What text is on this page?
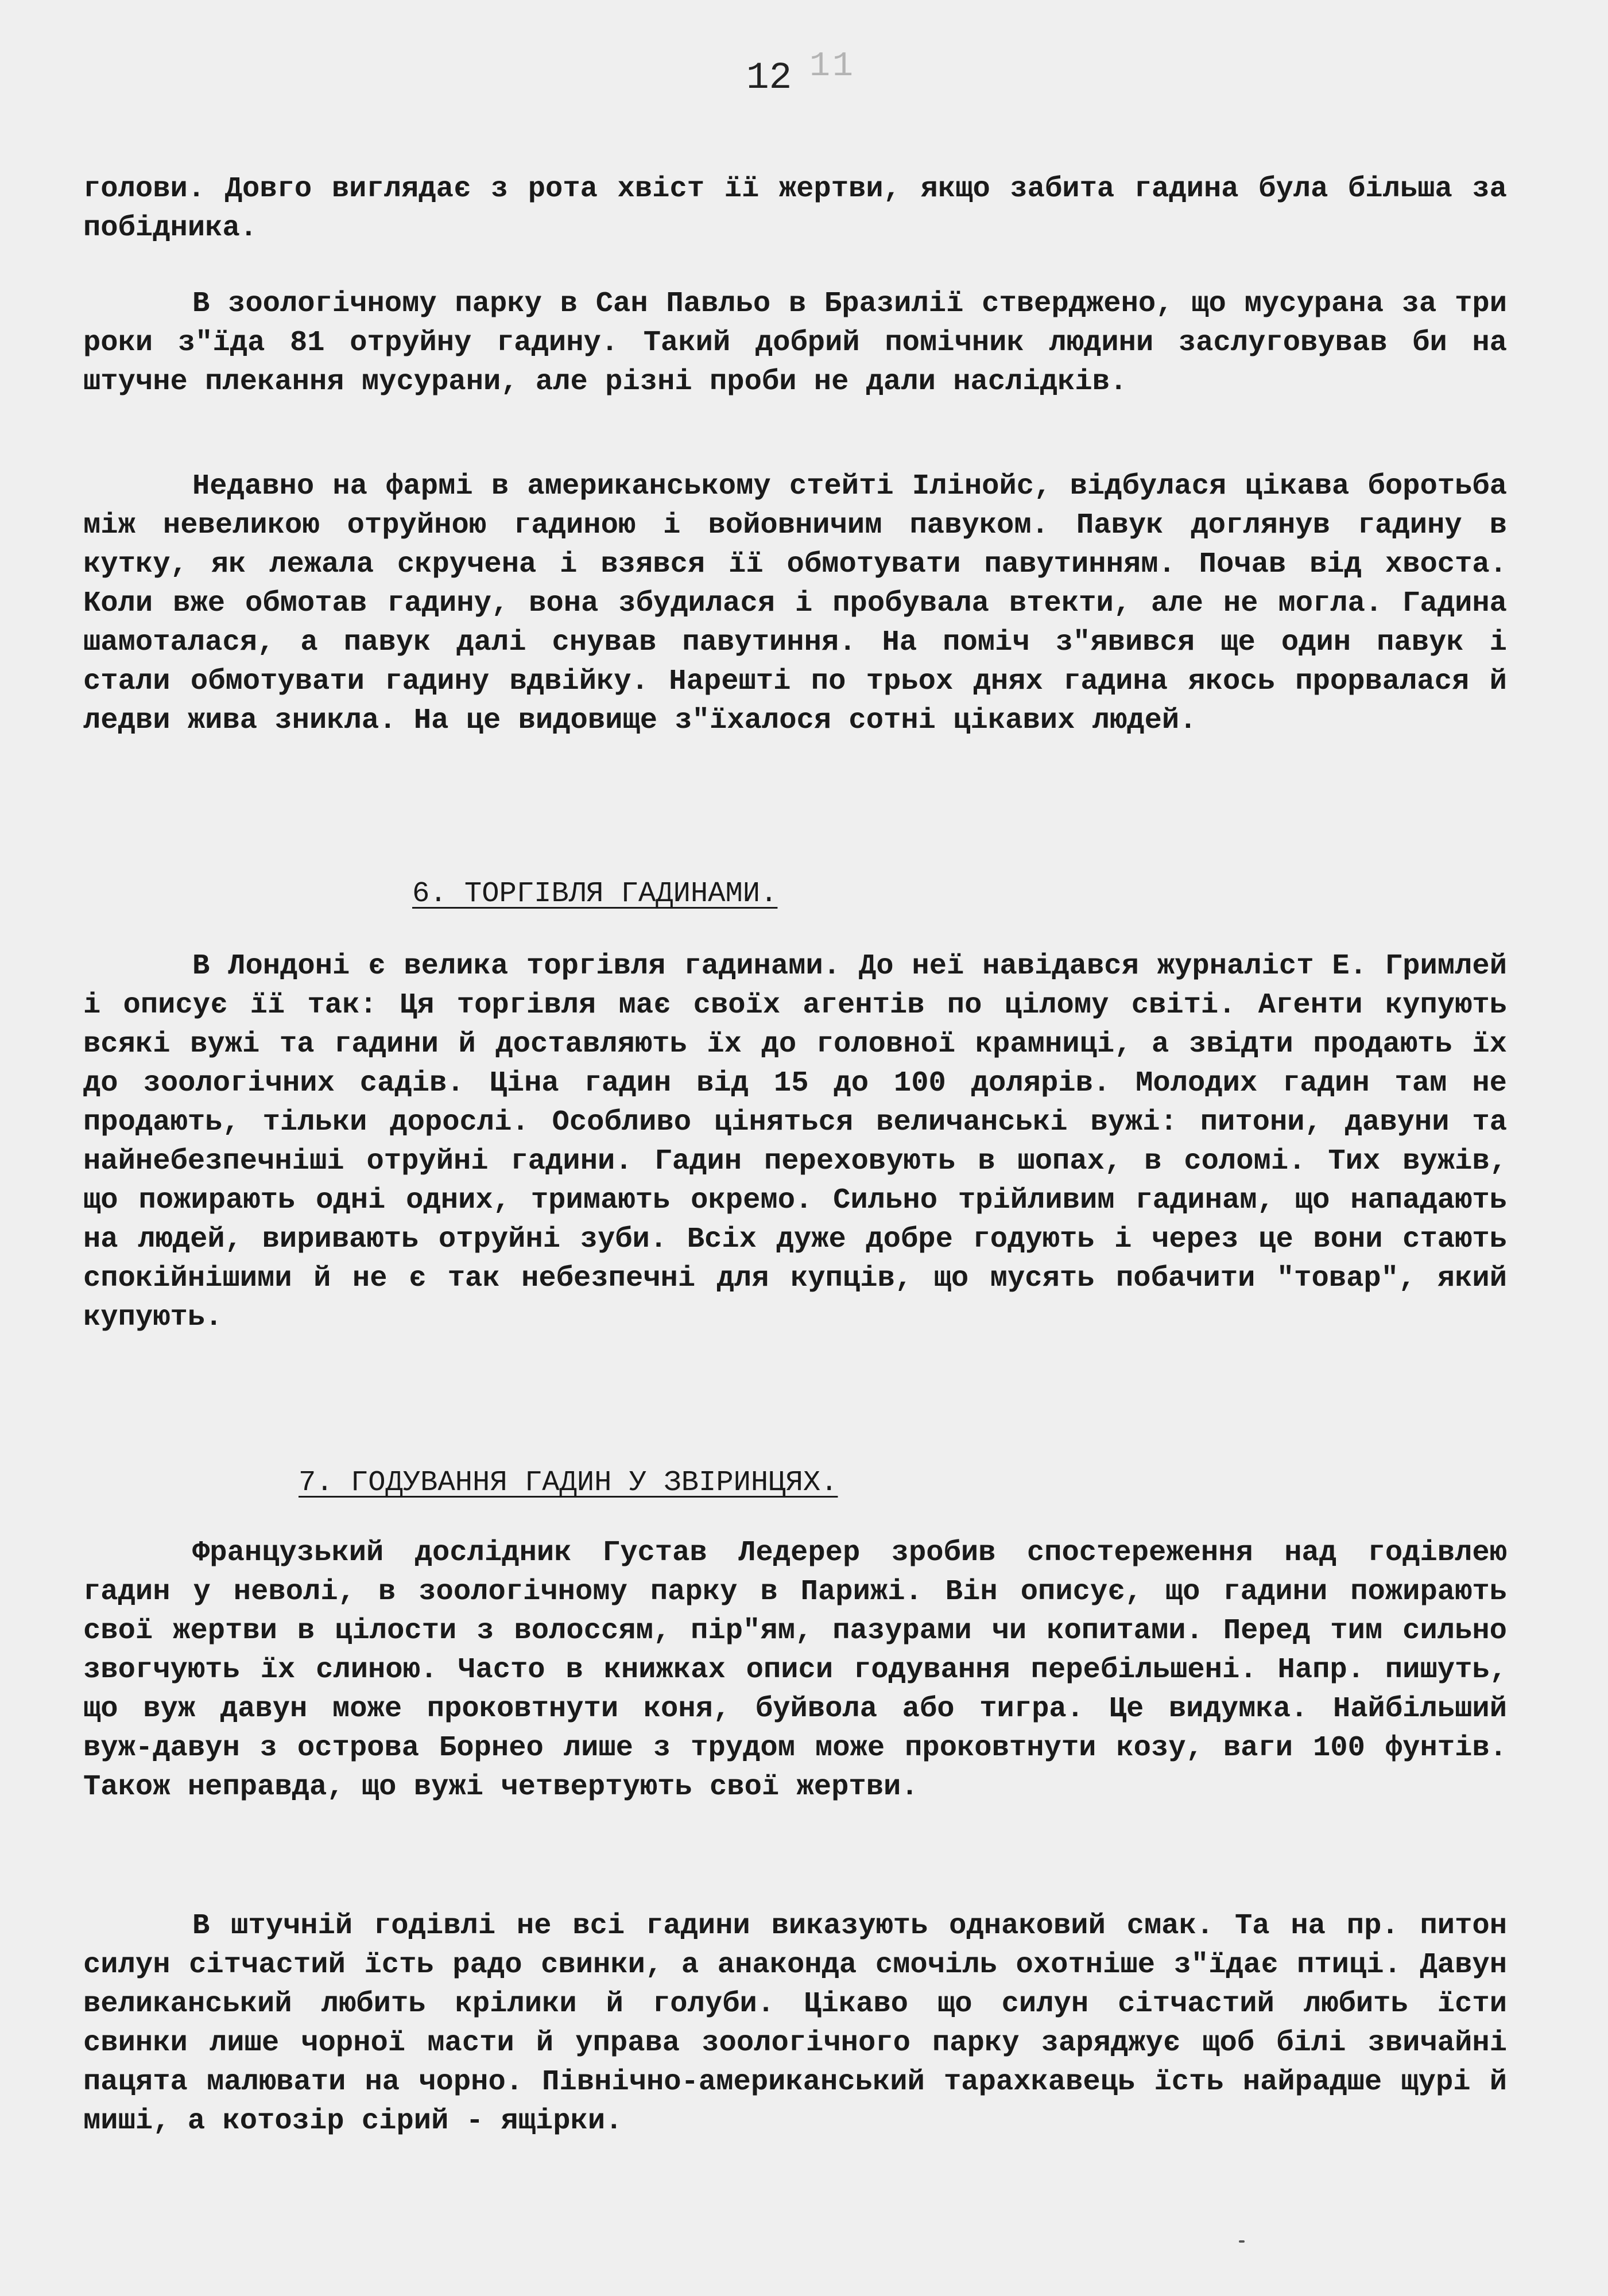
11
12
голови. Довго виглядає з рота хвіст її жертви, якщо забита гадина була більша за побідника.
В зоологічному парку в Сан Павльо в Бразилії стверджено, що мусурана за три роки з"їда 81 отруйну гадину. Такий добрий помічник людини заслуговував би на штучне плекання мусурани, але різні проби не дали наслідків.
Недавно на фармі в американському стейті Ілінойс, відбулася цікава боротьба між невеликою отруйною гадиною і войовничим павуком. Павук доглянув гадину в кутку, як лежала скручена і взявся її обмотувати павутинням. Почав від хвоста. Коли вже обмотав гадину, вона збудилася і пробувала втекти, але не могла. Гадина шамоталася, а павук далі снував павутиння. На поміч з"явився ще один павук і стали обмотувати гадину вдвійку. Нарешті по трьох днях гадина якось прорвалася й ледви жива зникла. На це видовище з"їхалося сотні цікавих людей.
6. ТОРГІВЛЯ ГАДИНАМИ.
В Лондоні є велика торгівля гадинами. До неї навідався журналіст Е. Гримлей і описує її так: Ця торгівля має своїх агентів по цілому світі. Агенти купують всякі вужі та гадини й доставляють їх до головної крамниці, а звідти продають їх до зоологічних садів. Ціна гадин від 15 до 100 долярів. Молодих гадин там не продають, тільки дорослі. Особливо ціняться величанські вужі: питони, давуни та найнебезпечніші отруйні гадини. Гадин переховують в шопах, в соломі. Тих вужів, що пожирають одні одних, тримають окремо. Сильно трійливим гадинам, що нападають на людей, виривають отруйні зуби. Всіх дуже добре годують і через це вони стають спокійнішими й не є так небезпечні для купців, що мусять побачити "товар", який купують.
7. ГОДУВАННЯ ГАДИН У ЗВІРИНЦЯХ.
Французький дослідник Густав Ледерер зробив спостереження над годівлею гадин у неволі, в зоологічному парку в Парижі. Він описує, що гадини пожирають свої жертви в цілости з волоссям, пір"ям, пазурами чи копитами. Перед тим сильно звогчують їх слиною. Часто в книжках описи годування перебільшені. Напр. пишуть, що вуж давун може проковтнути коня, буйвола або тигра. Це видумка. Найбільший вуж-давун з острова Борнео лише з трудом може проковтнути козу, ваги 100 фунтів. Також неправда, що вужі четвертують свої жертви.
В штучній годівлі не всі гадини виказують однаковий смак. Та на пр. питон силун сітчастий їсть радо свинки, а анаконда смочіль охотніше з"їдає птиці. Давун великанський любить крілики й голуби. Цікаво що силун сітчастий любить їсти свинки лише чорної масти й управа зоологічного парку заряджує щоб білі звичайні пацята малювати на чорно. Північно-американський тарахкавець їсть найрадше щурі й миші, а котозір сірий - ящірки.
